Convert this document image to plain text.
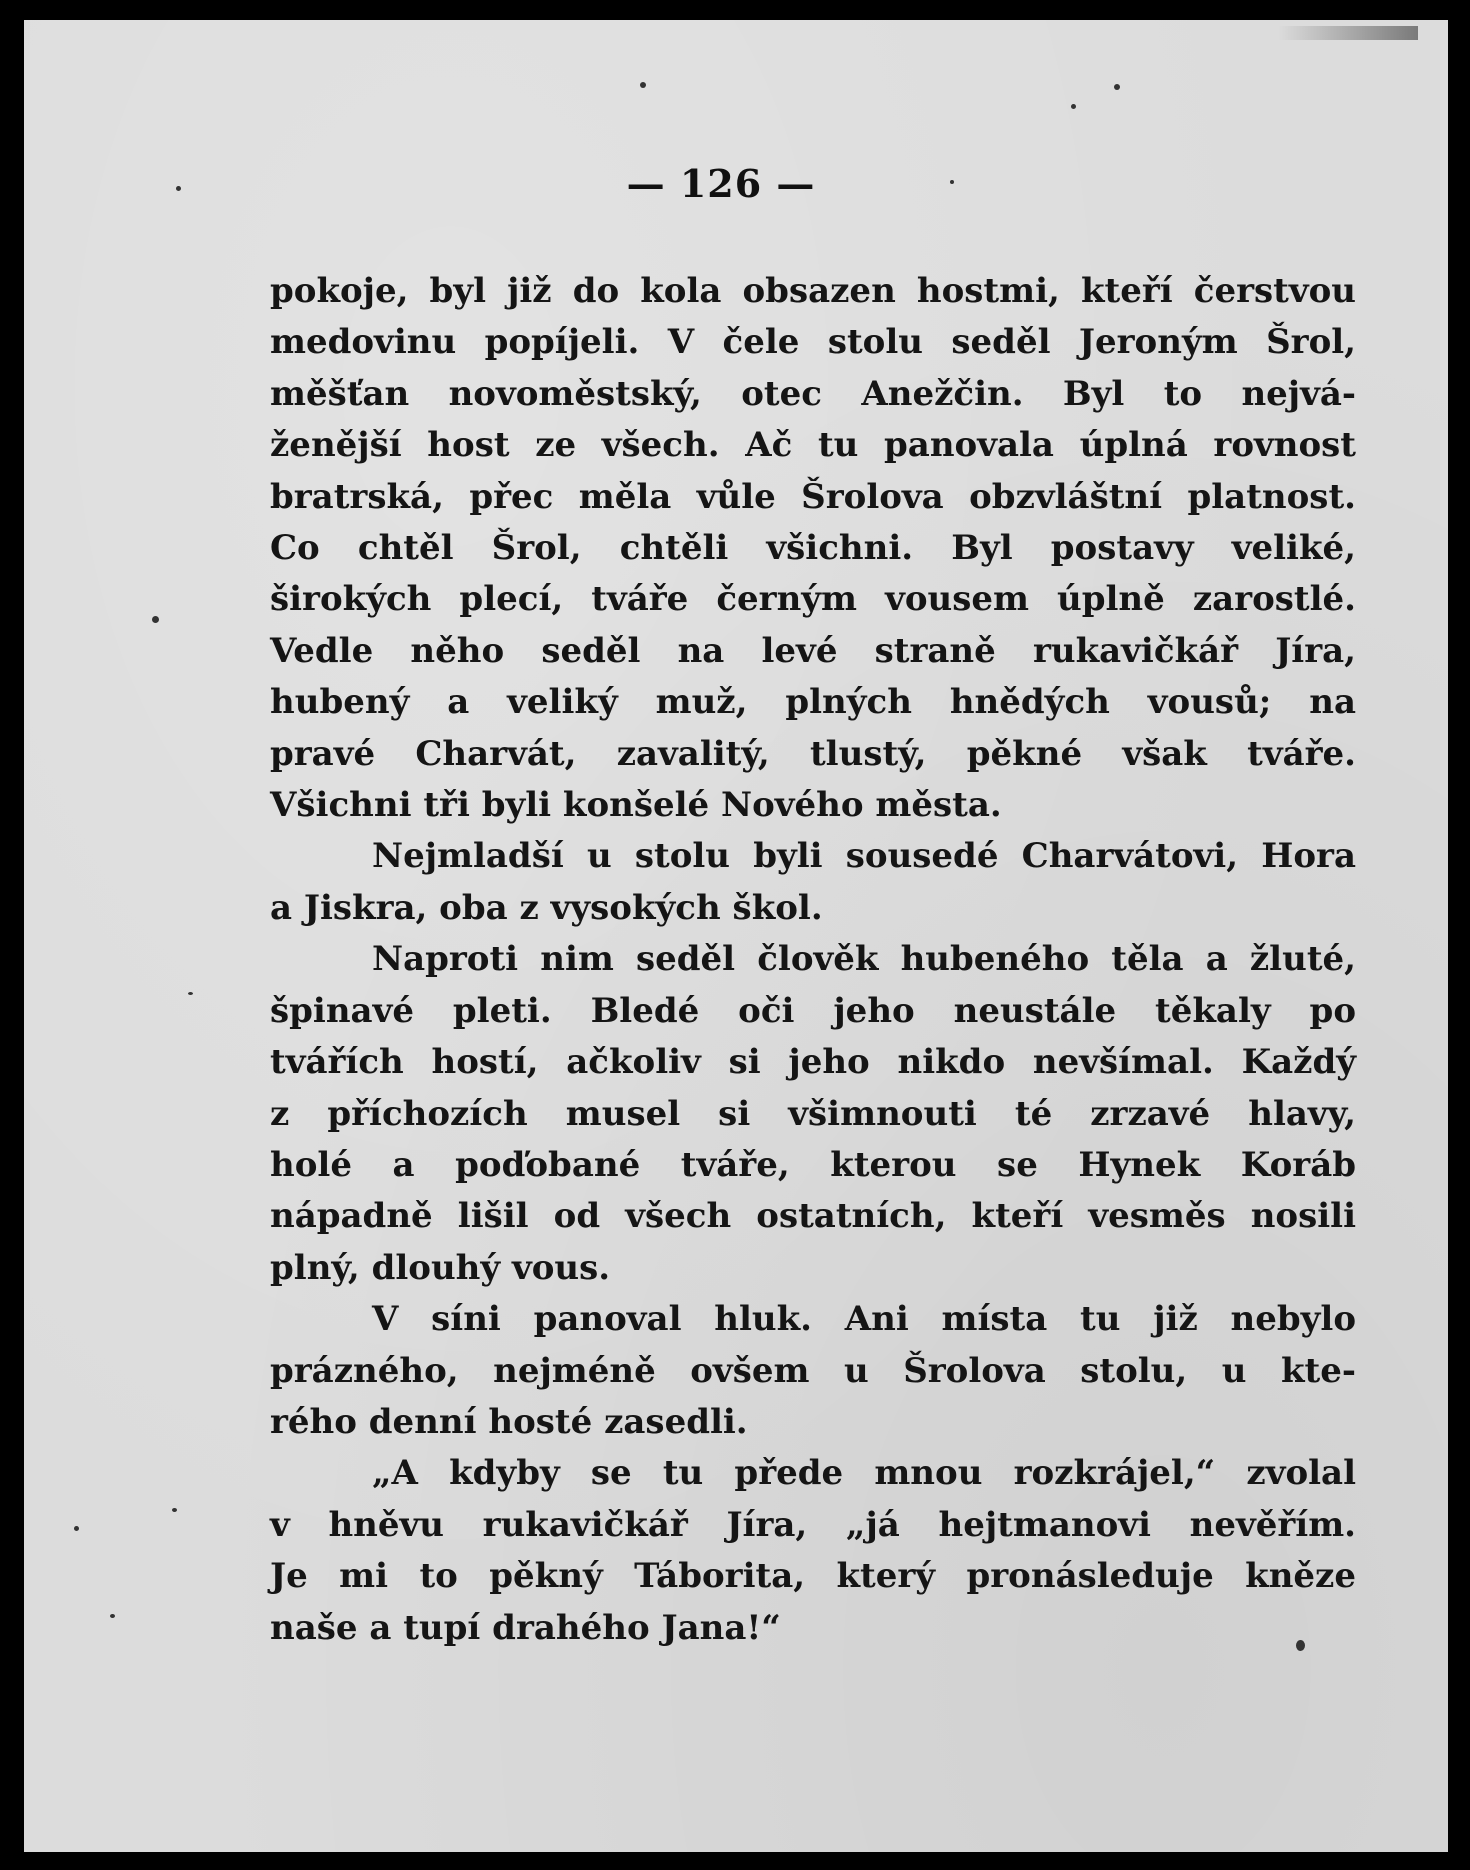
— 126 —
pokoje, byl již do kola obsazen hostmi, kteří čerstvou
medovinu popíjeli. V čele stolu seděl Jeroným Šrol,
měšťan novoměstský, otec Anežčin. Byl to nejvá-
ženější host ze všech. Ač tu panovala úplná rovnost
bratrská, přec měla vůle Šrolova obzvláštní platnost.
Co chtěl Šrol, chtěli všichni. Byl postavy veliké,
širokých plecí, tváře černým vousem úplně zarostlé.
Vedle něho seděl na levé straně rukavičkář Jíra,
hubený a veliký muž, plných hnědých vousů; na
pravé Charvát, zavalitý, tlustý, pěkné však tváře.
Všichni tři byli konšelé Nového města.
Nejmladší u stolu byli sousedé Charvátovi, Hora
a Jiskra, oba z vysokých škol.
Naproti nim seděl člověk hubeného těla a žluté,
špinavé pleti. Bledé oči jeho neustále těkaly po
tvářích hostí, ačkoliv si jeho nikdo nevšímal. Každý
z příchozích musel si všimnouti té zrzavé hlavy,
holé a poďobané tváře, kterou se Hynek Koráb
nápadně lišil od všech ostatních, kteří vesměs nosili
plný, dlouhý vous.
V síni panoval hluk. Ani místa tu již nebylo
prázného, nejméně ovšem u Šrolova stolu, u kte-
rého denní hosté zasedli.
„A kdyby se tu přede mnou rozkrájel,“ zvolal
v hněvu rukavičkář Jíra, „já hejtmanovi nevěřím.
Je mi to pěkný Táborita, který pronásleduje kněze
naše a tupí drahého Jana!“
